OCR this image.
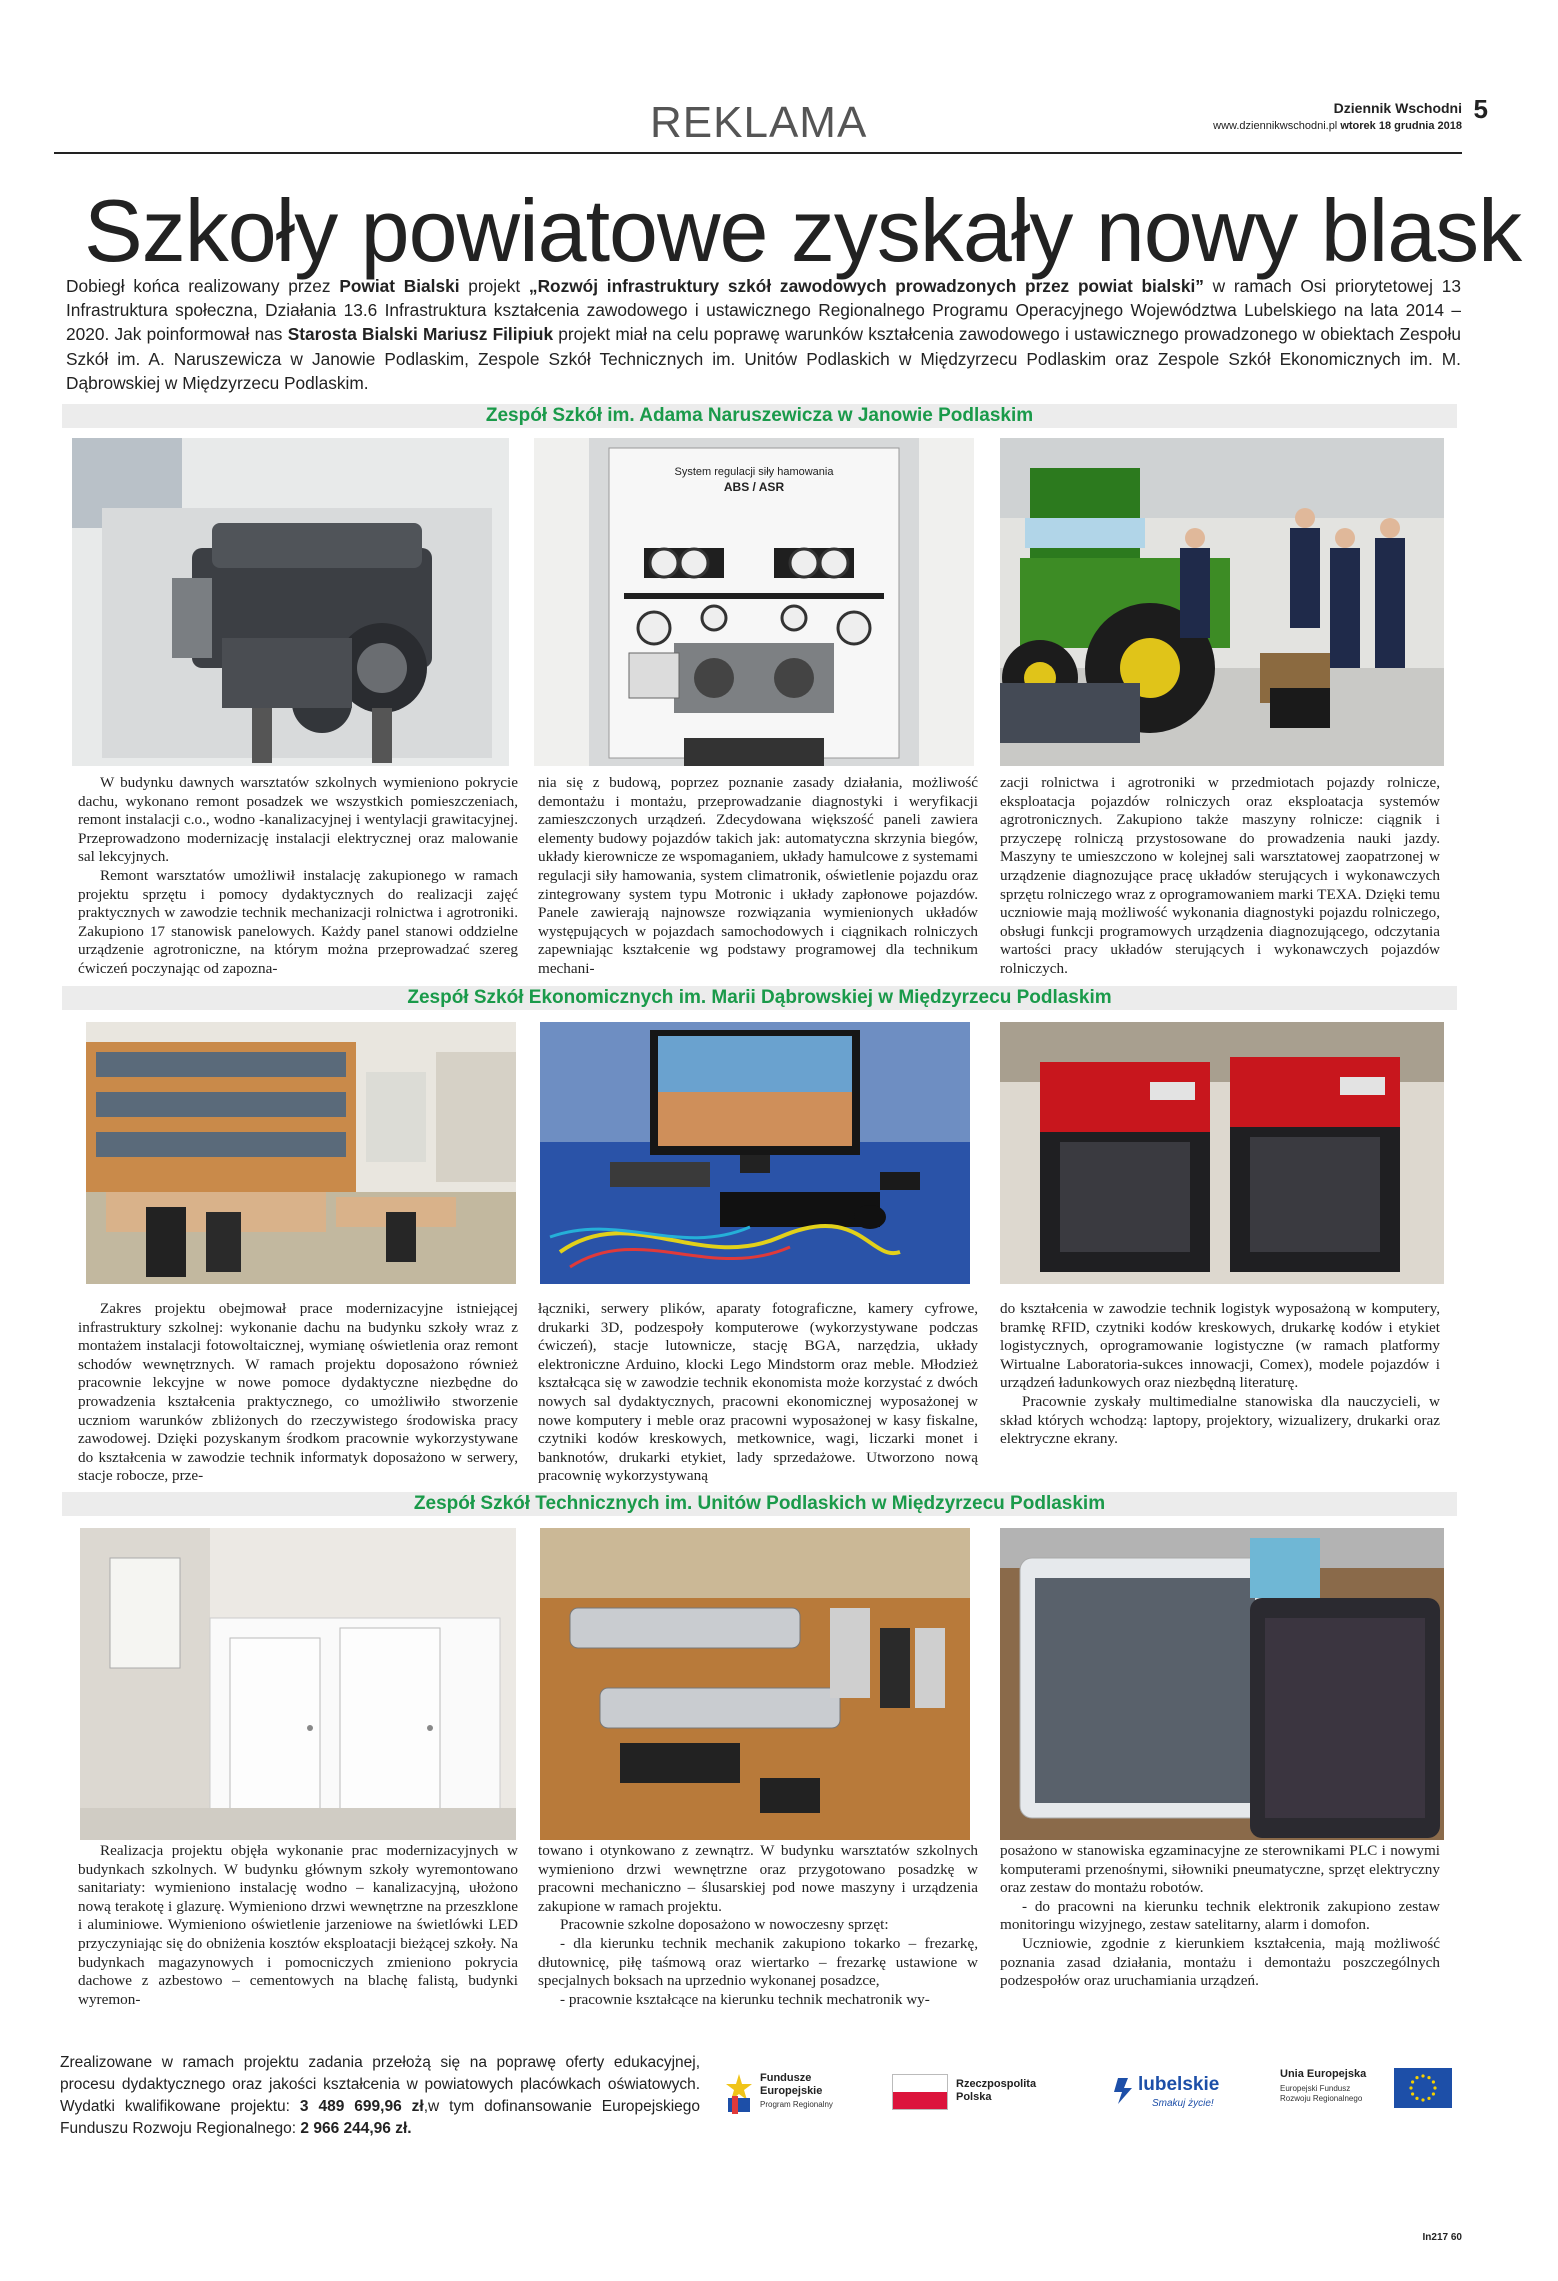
REKLAMA	Dziennik Wschodni 5
www.dziennikwschodni.pl wtorek 18 grudnia 2018
Szkoły powiatowe zyskały nowy blask
Dobiegł końca realizowany przez Powiat Bialski projekt „Rozwój infrastruktury szkół zawodowych prowadzonych przez powiat bialski” w ramach Osi priorytetowej 13 Infrastruktura społeczna, Działania 13.6 Infrastruktura kształcenia zawodowego i ustawicznego Regionalnego Programu Operacyjnego Województwa Lubelskiego na lata 2014 – 2020. Jak poinformował nas Starosta Bialski Mariusz Filipiuk projekt miał na celu poprawę warunków kształcenia zawodowego i ustawicznego prowadzonego w obiektach Zespołu Szkół im. A. Naruszewicza w Janowie Podlaskim, Zespole Szkół Technicznych im. Unitów Podlaskich w Międzyrzecu Podlaskim oraz Zespole Szkół Ekonomicznych im. M. Dąbrowskiej w Międzyrzecu Podlaskim.
Zespół Szkół im. Adama Naruszewicza w Janowie Podlaskim
System regulacji siły hamowania
ABS / ASR

W budynku dawnych warsztatów szkolnych wymieniono pokrycie dachu, wykonano remont posadzek we wszystkich pomieszczeniach, remont instalacji c.o., wodno -kanalizacyjnej i wentylacji grawitacyjnej. Przeprowadzono modernizację instalacji elektrycznej oraz malowanie sal lekcyjnych.

Remont warsztatów umożliwił instalację zakupionego w ramach projektu sprzętu i pomocy dydaktycznych do realizacji zajęć praktycznych w zawodzie technik mechanizacji rolnictwa i agrotroniki. Zakupiono 17 stanowisk panelowych. Każdy panel stanowi oddzielne urządzenie agrotroniczne, na którym można przeprowadzać szereg ćwiczeń poczynając od zapozna-

nia się z budową, poprzez poznanie zasady działania, możliwość demontażu i montażu, przeprowadzanie diagnostyki i weryfikacji zamieszczonych urządzeń. Zdecydowana większość paneli zawiera elementy budowy pojazdów takich jak: automatyczna skrzynia biegów, układy kierownicze ze wspomaganiem, układy hamulcowe z systemami regulacji siły hamowania, system climatronik, oświetlenie pojazdu oraz zintegrowany system typu Motronic i układy zapłonowe pojazdów. Panele zawierają najnowsze rozwiązania wymienionych układów występujących w pojazdach samochodowych i ciągnikach rolniczych zapewniając kształcenie wg podstawy programowej dla technikum mechani-

zacji rolnictwa i agrotroniki w przedmiotach pojazdy rolnicze, eksploatacja pojazdów rolniczych oraz eksploatacja systemów agrotronicznych. Zakupiono także maszyny rolnicze: ciągnik i przyczepę rolniczą przystosowane do prowadzenia nauki jazdy. Maszyny te umieszczono w kolejnej sali warsztatowej zaopatrzonej w urządzenie diagnozujące pracę układów sterujących i wykonawczych sprzętu rolniczego wraz z oprogramowaniem marki TEXA. Dzięki temu uczniowie mają możliwość wykonania diagnostyki pojazdu rolniczego, obsługi funkcji programowych urządzenia diagnozującego, odczytania wartości pracy układów sterujących i wykonawczych pojazdów rolniczych.

Zespół Szkół Ekonomicznych im. Marii Dąbrowskiej w Międzyrzecu Podlaskim

Zakres projektu obejmował prace modernizacyjne istniejącej infrastruktury szkolnej: wykonanie dachu na budynku szkoły wraz z montażem instalacji fotowoltaicznej, wymianę oświetlenia oraz remont schodów wewnętrznych. W ramach projektu doposażono również pracownie lekcyjne w nowe pomoce dydaktyczne niezbędne do prowadzenia kształcenia praktycznego, co umożliwiło stworzenie uczniom warunków zbliżonych do rzeczywistego środowiska pracy zawodowej. Dzięki pozyskanym środkom pracownie wykorzystywane do kształcenia w zawodzie technik informatyk doposażono w serwery, stacje robocze, prze-

łączniki, serwery plików, aparaty fotograficzne, kamery cyfrowe, drukarki 3D, podzespoły komputerowe (wykorzystywane podczas ćwiczeń), stacje lutownicze, stację BGA, narzędzia, układy elektroniczne Arduino, klocki Lego Mindstorm oraz meble. Młodzież kształcąca się w zawodzie technik ekonomista może korzystać z dwóch nowych sal dydaktycznych, pracowni ekonomicznej wyposażonej w nowe komputery i meble oraz pracowni wyposażonej w kasy fiskalne, czytniki kodów kreskowych, metkownice, wagi, liczarki monet i banknotów, drukarki etykiet, lady sprzedażowe. Utworzono nową pracownię wykorzystywaną

do kształcenia w zawodzie technik logistyk wyposażoną w komputery, bramkę RFID, czytniki kodów kreskowych, drukarkę kodów i etykiet logistycznych, oprogramowanie logistyczne (w ramach platformy Wirtualne Laboratoria-sukces innowacji, Comex), modele pojazdów i urządzeń ładunkowych oraz niezbędną literaturę.

Pracownie zyskały multimedialne stanowiska dla nauczycieli, w skład których wchodzą: laptopy, projektory, wizualizery, drukarki oraz elektryczne ekrany.

Zespół Szkół Technicznych im. Unitów Podlaskich w Międzyrzecu Podlaskim

Realizacja projektu objęła wykonanie prac modernizacyjnych w budynkach szkolnych. W budynku głównym szkoły wyremontowano sanitariaty: wymieniono instalację wodno – kanalizacyjną, ułożono nową terakotę i glazurę. Wymieniono drzwi wewnętrzne na przeszklone i aluminiowe. Wymieniono oświetlenie jarzeniowe na świetlówki LED przyczyniając się do obniżenia kosztów eksploatacji bieżącej szkoły. Na budynkach magazynowych i pomocniczych zmieniono pokrycia dachowe z azbestowo – cementowych na blachę falistą, budynki wyremon-

towano i otynkowano z zewnątrz. W budynku warsztatów szkolnych wymieniono drzwi wewnętrzne oraz przygotowano posadzkę w pracowni mechaniczno – ślusarskiej pod nowe maszyny i urządzenia zakupione w ramach projektu.

Pracownie szkolne doposażono w nowoczesny sprzęt:

- dla kierunku technik mechanik zakupiono tokarko – frezarkę, dłutownicę, piłę taśmową oraz wiertarko – frezarkę ustawione w specjalnych boksach na uprzednio wykonanej posadzce,

- pracownie kształcące na kierunku technik mechatronik wy-

posażono w stanowiska egzaminacyjne ze sterownikami PLC i nowymi komputerami przenośnymi, siłowniki pneumatyczne, sprzęt elektryczny oraz zestaw do montażu robotów.

- do pracowni na kierunku technik elektronik zakupiono zestaw monitoringu wizyjnego, zestaw satelitarny, alarm i domofon.

Uczniowie, zgodnie z kierunkiem kształcenia, mają możliwość poznania zasad działania, montażu i demontażu poszczególnych podzespołów oraz uruchamiania urządzeń.

Zrealizowane w ramach projektu zadania przełożą się na poprawę oferty edukacyjnej, procesu dydaktycznego oraz jakości kształcenia w powiatowych placówkach oświatowych. Wydatki kwalifikowane projektu: 3 489 699,96 zł,w tym dofinansowanie Europejskiego Funduszu Rozwoju Regionalnego: 2 966 244,96 zł.
Fundusze Europejskie
Program Regionalny
Rzeczpospolita Polska
lubelskie
Smakuj życie!
Unia Europejska
Europejski Fundusz
Rozwoju Regionalnego
In217 60
